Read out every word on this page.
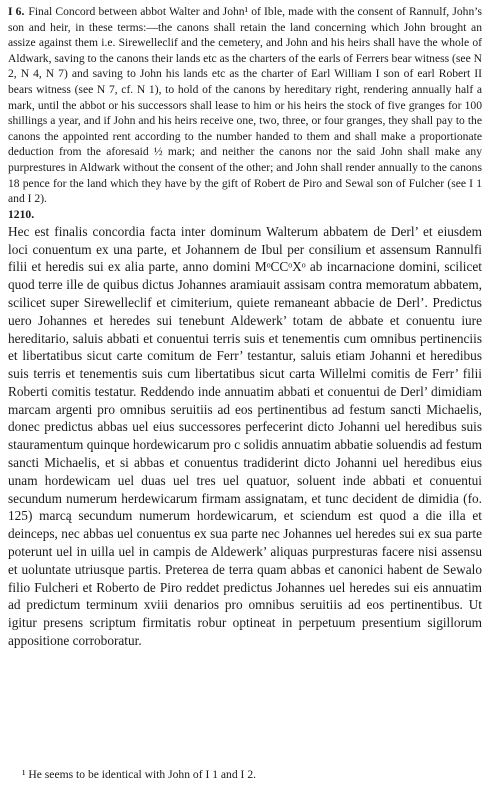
I 6. Final Concord between abbot Walter and John¹ of Ible, made with the consent of Rannulf, John’s son and heir, in these terms:—the canons shall retain the land concerning which John brought an assize against them i.e. Sirewelleclif and the cemetery, and John and his heirs shall have the whole of Aldwark, saving to the canons their lands etc as the charters of the earls of Ferrers bear witness (see N 2, N 4, N 7) and saving to John his lands etc as the charter of Earl William I son of earl Robert II bears witness (see N 7, cf. N 1), to hold of the canons by hereditary right, rendering annually half a mark, until the abbot or his successors shall lease to him or his heirs the stock of five granges for 100 shillings a year, and if John and his heirs receive one, two, three, or four granges, they shall pay to the canons the appointed rent according to the number handed to them and shall make a proportionate deduction from the aforesaid ½ mark; and neither the canons nor the said John shall make any purprestures in Aldwark without the consent of the other; and John shall render annually to the canons 18 pence for the land which they have by the gift of Robert de Piro and Sewal son of Fulcher (see I 1 and I 2).

1210.

Hec est finalis concordia facta inter dominum Walterum abbatem de Derl’ et eiusdem loci conuentum ex una parte, et Johannem de Ibul per consilium et assensum Rannulfi filii et heredis sui ex alia parte, anno domini MᵒCCᵒXᵒ ab incarnacione domini, scilicet quod terre ille de quibus dictus Johannes aramiauit assisam contra memoratum abbatem, scilicet super Sirewelleclif et cimiterium, quiete remaneant abbacie de Derl’. Predictus uero Johannes et heredes sui tenebunt Aldewerk’ totam de abbate et conuentu iure hereditario, saluis abbati et conuentui terris suis et tenementis cum omnibus pertinenciis et libertatibus sicut carte comitum de Ferr’ testantur, saluis etiam Johanni et heredibus suis terris et tenementis suis cum libertatibus sicut carta Willelmi comitis de Ferr’ filii Roberti comitis testatur. Reddendo inde annuatim abbati et conuentui de Derl’ dimidiam marcam argenti pro omnibus seruitiis ad eos pertinentibus ad festum sancti Michaelis, donec predictus abbas uel eius successores perfecerint dicto Johanni uel heredibus suis stauramentum quinque hordewicarum pro c solidis annuatim abbatie soluendis ad festum sancti Michaelis, et si abbas et conuentus tradiderint dicto Johanni uel heredibus eius unam hordewicam uel duas uel tres uel quatuor, soluent inde abbati et conuentui secundum numerum herdewicarum firmam assignatam, et tunc decident de dimidia (fo. 125) marcą secundum numerum hordewicarum, et sciendum est quod a die illa et deinceps, nec abbas uel conuentus ex sua parte nec Johannes uel heredes sui ex sua parte poterunt uel in uilla uel in campis de Aldewerk’ aliquas purpresturas facere nisi assensu et uoluntate utriusque partis. Preterea de terra quam abbas et canonici habent de Sewalo filio Fulcheri et Roberto de Piro reddet predictus Johannes uel heredes sui eis annuatim ad predictum terminum xviii denarios pro omnibus seruitiis ad eos pertinentibus. Ut igitur presens scriptum firmitatis robur optineat in perpetuum presentium sigillorum appositione corroboratur.

¹ He seems to be identical with John of I 1 and I 2.
